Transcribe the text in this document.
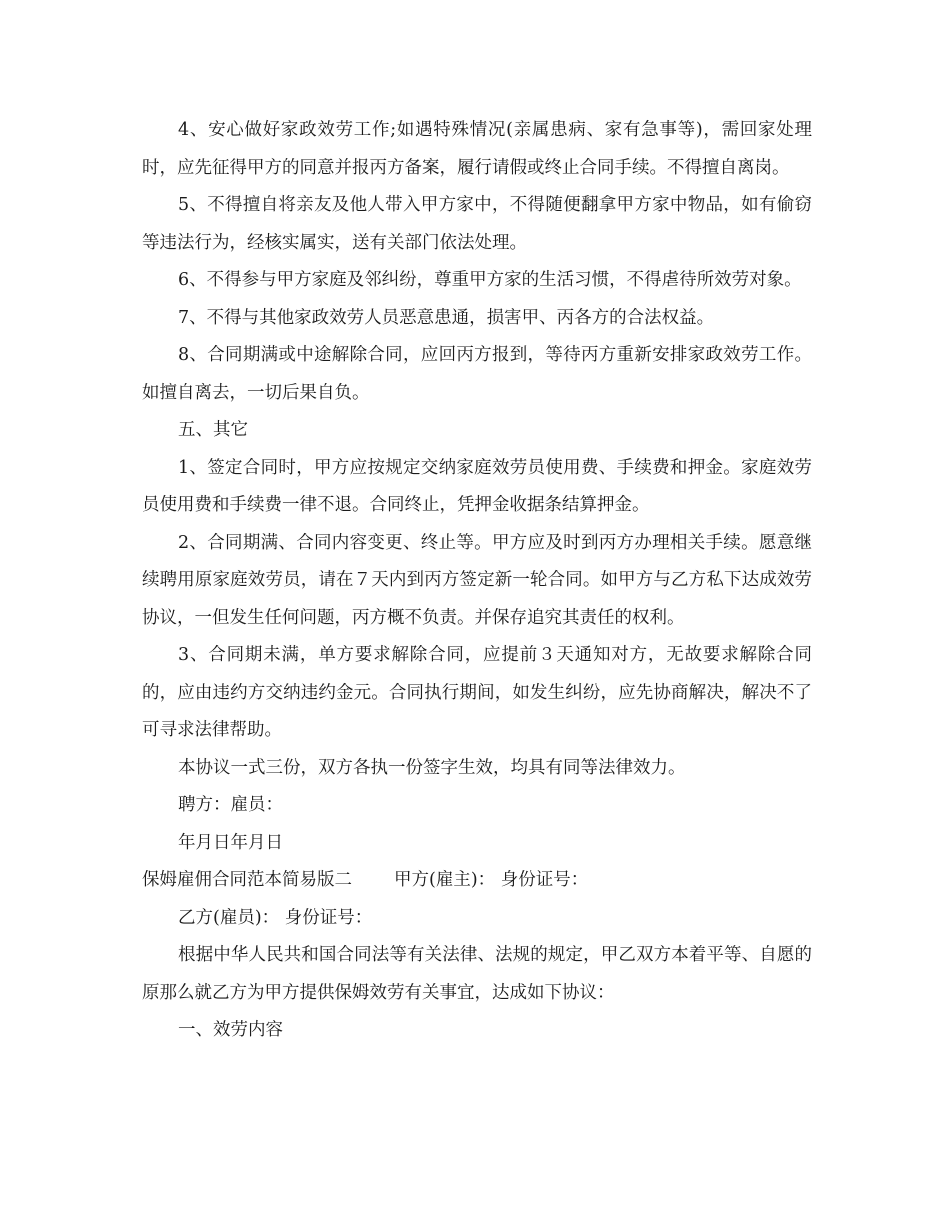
4、安心做好家政效劳工作;如遇特殊情况(亲属患病、家有急事等)，需回家处理时，应先征得甲方的同意并报丙方备案，履行请假或终止合同手续。不得擅自离岗。

5、不得擅自将亲友及他人带入甲方家中，不得随便翻拿甲方家中物品，如有偷窃等违法行为，经核实属实，送有关部门依法处理。

6、不得参与甲方家庭及邻纠纷，尊重甲方家的生活习惯，不得虐待所效劳对象。

7、不得与其他家政效劳人员恶意患通，损害甲、丙各方的合法权益。

8、合同期满或中途解除合同，应回丙方报到，等待丙方重新安排家政效劳工作。如擅自离去，一切后果自负。

五、其它

1、签定合同时，甲方应按规定交纳家庭效劳员使用费、手续费和押金。家庭效劳员使用费和手续费一律不退。合同终止，凭押金收据条结算押金。

2、合同期满、合同内容变更、终止等。甲方应及时到丙方办理相关手续。愿意继续聘用原家庭效劳员，请在７天内到丙方签定新一轮合同。如甲方与乙方私下达成效劳协议，一但发生任何问题，丙方概不负责。并保存追究其责任的权利。

3、合同期未满，单方要求解除合同，应提前３天通知对方，无故要求解除合同的，应由违约方交纳违约金元。合同执行期间，如发生纠纷，应先协商解决，解决不了可寻求法律帮助。

本协议一式三份，双方各执一份签字生效，均具有同等法律效力。

聘方：雇员：

年月日年月日

保姆雇佣合同范本简易版二 甲方(雇主)： 身份证号：

乙方(雇员)： 身份证号：

根据中华人民共和国合同法等有关法律、法规的规定，甲乙双方本着平等、自愿的原那么就乙方为甲方提供保姆效劳有关事宜，达成如下协议：

一、效劳内容
